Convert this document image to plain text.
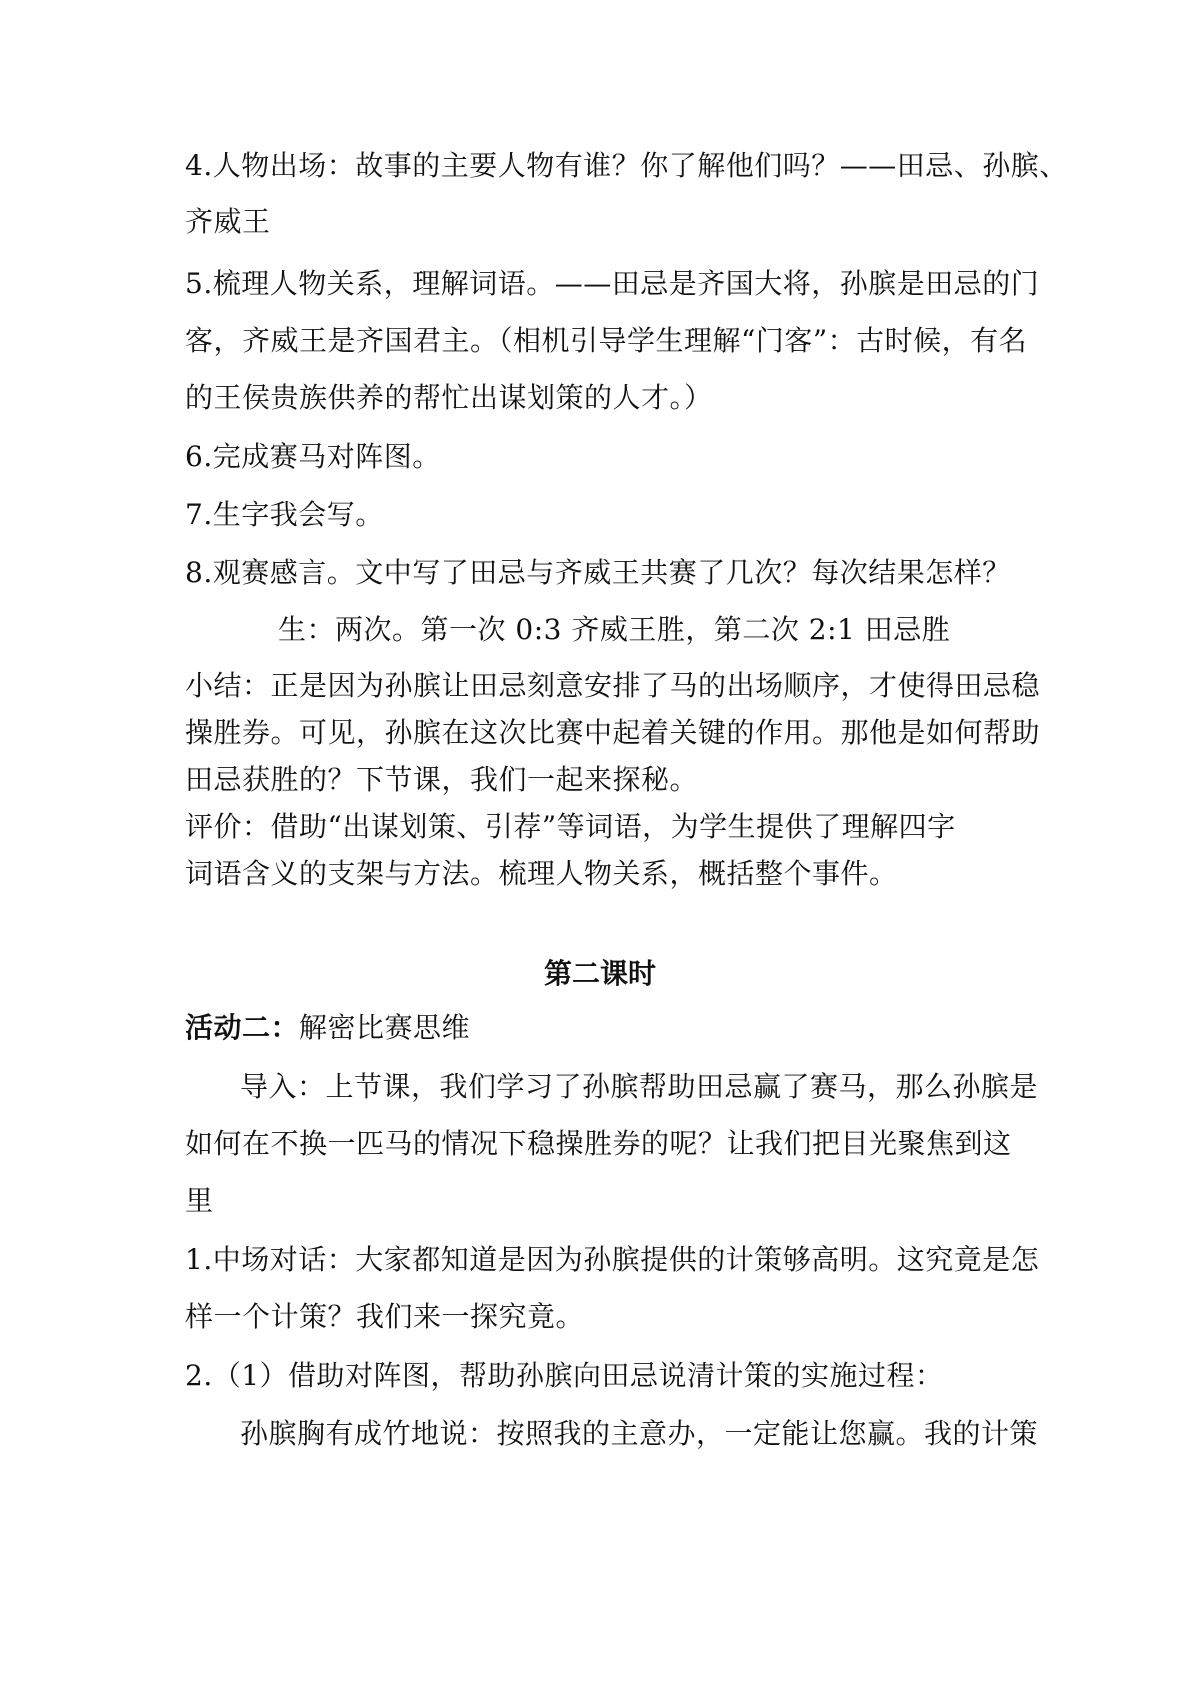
4.人物出场：故事的主要人物有谁？你了解他们吗？——田忌、孙膑、
齐威王
5.梳理人物关系，理解词语。——田忌是齐国大将，孙膑是田忌的门
客，齐威王是齐国君主。（相机引导学生理解“门客”：古时候，有名
的王侯贵族供养的帮忙出谋划策的人才。）
6.完成赛马对阵图。
7.生字我会写。
8.观赛感言。文中写了田忌与齐威王共赛了几次？每次结果怎样？
生：两次。第一次 0:3 齐威王胜，第二次 2:1 田忌胜
小结：正是因为孙膑让田忌刻意安排了马的出场顺序，才使得田忌稳
操胜券。可见，孙膑在这次比赛中起着关键的作用。那他是如何帮助
田忌获胜的？下节课，我们一起来探秘。
评价：借助“出谋划策、引荐”等词语，为学生提供了理解四字
词语含义的支架与方法。梳理人物关系，概括整个事件。
第二课时
活动二：解密比赛思维
导入：上节课，我们学习了孙膑帮助田忌赢了赛马，那么孙膑是
如何在不换一匹马的情况下稳操胜券的呢？让我们把目光聚焦到这
里
1.中场对话：大家都知道是因为孙膑提供的计策够高明。这究竟是怎
样一个计策？我们来一探究竟。
2.（1）借助对阵图，帮助孙膑向田忌说清计策的实施过程：
孙膑胸有成竹地说：按照我的主意办，一定能让您赢。我的计策
